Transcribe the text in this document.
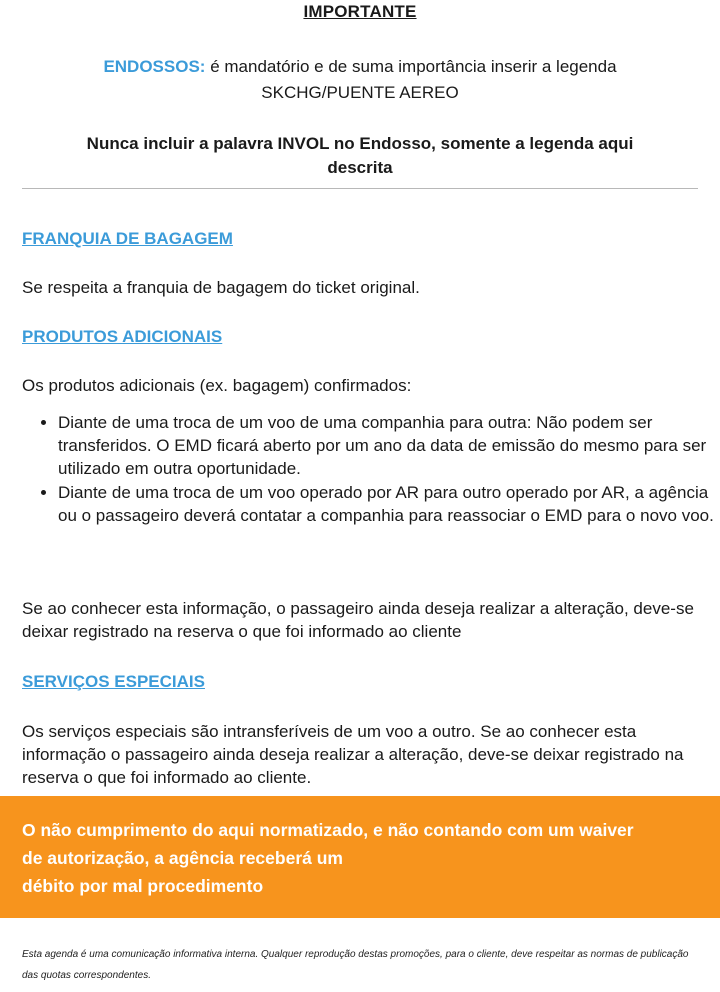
IMPORTANTE
ENDOSSOS: é mandatório e de suma importância inserir a legenda
SKCHG/PUENTE AEREO
Nunca incluir a palavra INVOL no Endosso, somente a legenda aqui
descrita
FRANQUIA DE BAGAGEM
Se respeita a franquia de bagagem do ticket original.
PRODUTOS ADICIONAIS
Os produtos adicionais (ex. bagagem) confirmados:
• Diante de uma troca de um voo de uma companhia para outra: Não podem ser transferidos. O EMD ficará aberto por um ano da data de emissão do mesmo para ser utilizado em outra oportunidade.
• Diante de uma troca de um voo operado por AR para outro operado por AR, a agência ou o passageiro deverá contatar a companhia para reassociar o EMD para o novo voo.
Se ao conhecer esta informação, o passageiro ainda deseja realizar a alteração, deve-se deixar registrado na reserva o que foi informado ao cliente
SERVIÇOS ESPECIAIS
Os serviços especiais são intransferíveis de um voo a outro. Se ao conhecer esta informação o passageiro ainda deseja realizar a alteração, deve-se deixar registrado na reserva o que foi informado ao cliente.
O não cumprimento do aqui normatizado, e não contando com um waiver
de autorização, a agência receberá um
débito por mal procedimento
Esta agenda é uma comunicação informativa interna. Qualquer reprodução destas promoções, para o cliente, deve respeitar as normas de publicação das quotas correspondentes.
